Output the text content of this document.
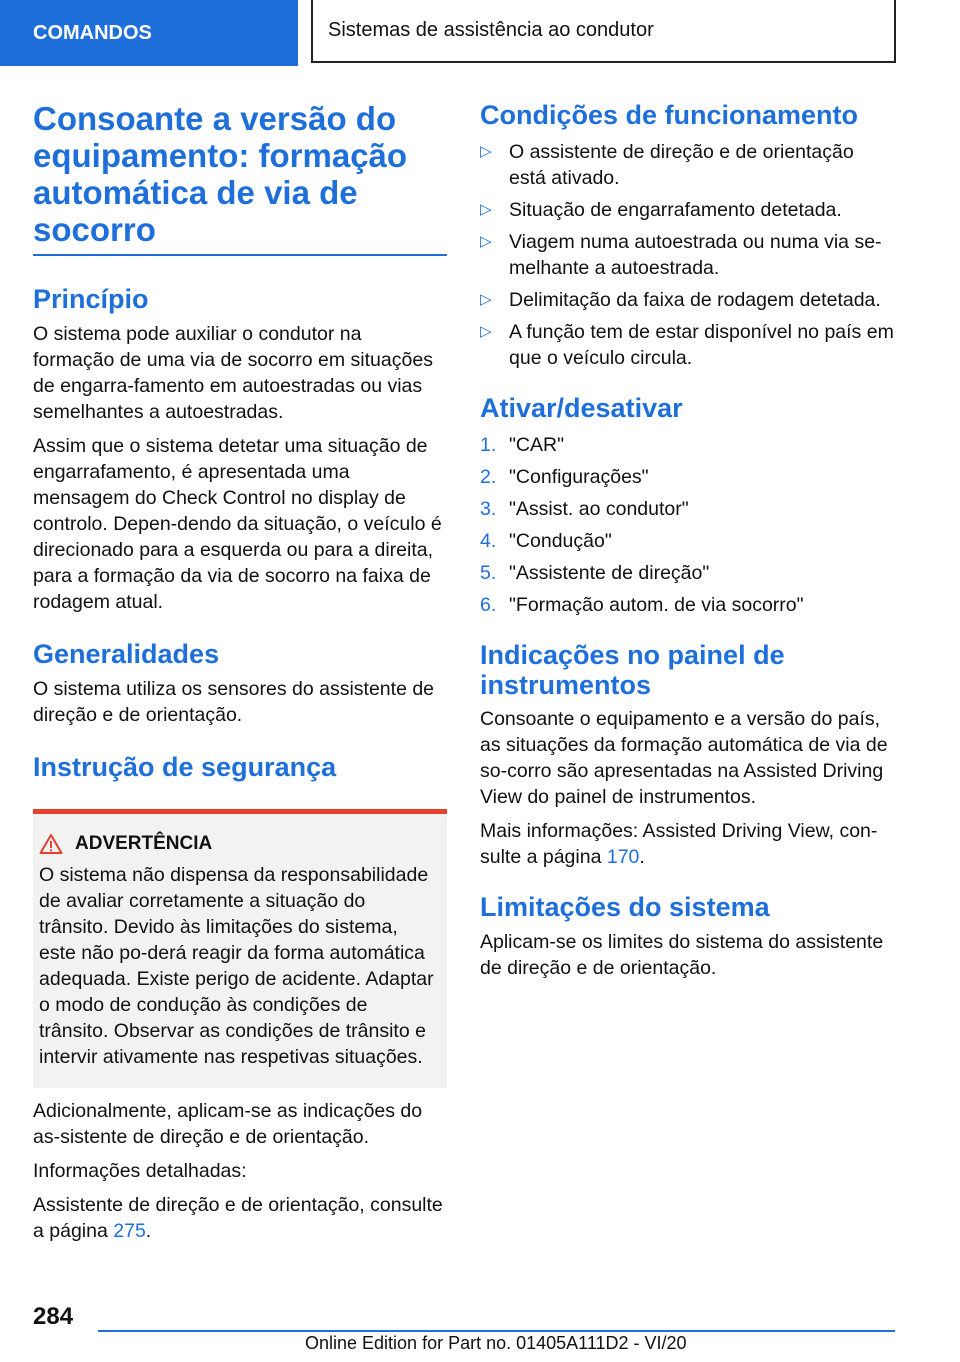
COMANDOS	Sistemas de assistência ao condutor
Consoante a versão do equipamento: formação automática de via de socorro
Princípio

O sistema pode auxiliar o condutor na formação de uma via de socorro em situações de engarra-famento em autoestradas ou vias semelhantes a autoestradas.

Assim que o sistema detetar uma situação de engarrafamento, é apresentada uma mensagem do Check Control no display de controlo. Depen-dendo da situação, o veículo é direcionado para a esquerda ou para a direita, para a formação da via de socorro na faixa de rodagem atual.

Generalidades

O sistema utiliza os sensores do assistente de direção e de orientação.

Instrução de segurança
ADVERTÊNCIA

O sistema não dispensa da responsabilidade de avaliar corretamente a situação do trânsito. Devido às limitações do sistema, este não po-derá reagir da forma automática adequada. Existe perigo de acidente. Adaptar o modo de condução às condições de trânsito. Observar as condições de trânsito e intervir ativamente nas respetivas situações.

Adicionalmente, aplicam-se as indicações do as-sistente de direção e de orientação.

Informações detalhadas:

Assistente de direção e de orientação, consulte a página 275.

Condições de funcionamento
▷ O assistente de direção e de orientação está ativado.
▷ Situação de engarrafamento detetada.
▷ Viagem numa autoestrada ou numa via se-melhante a autoestrada.
▷ Delimitação da faixa de rodagem detetada.
▷ A função tem de estar disponível no país em que o veículo circula.
Ativar/desativar
1. "CAR"
2. "Configurações"
3. "Assist. ao condutor"
4. "Condução"
5. "Assistente de direção"
6. "Formação autom. de via socorro"
Indicações no painel de instrumentos

Consoante o equipamento e a versão do país, as situações da formação automática de via de so-corro são apresentadas na Assisted Driving View do painel de instrumentos.

Mais informações: Assisted Driving View, con-sulte a página 170.

Limitações do sistema

Aplicam-se os limites do sistema do assistente de direção e de orientação.

284
Online Edition for Part no. 01405A111D2 - VI/20
